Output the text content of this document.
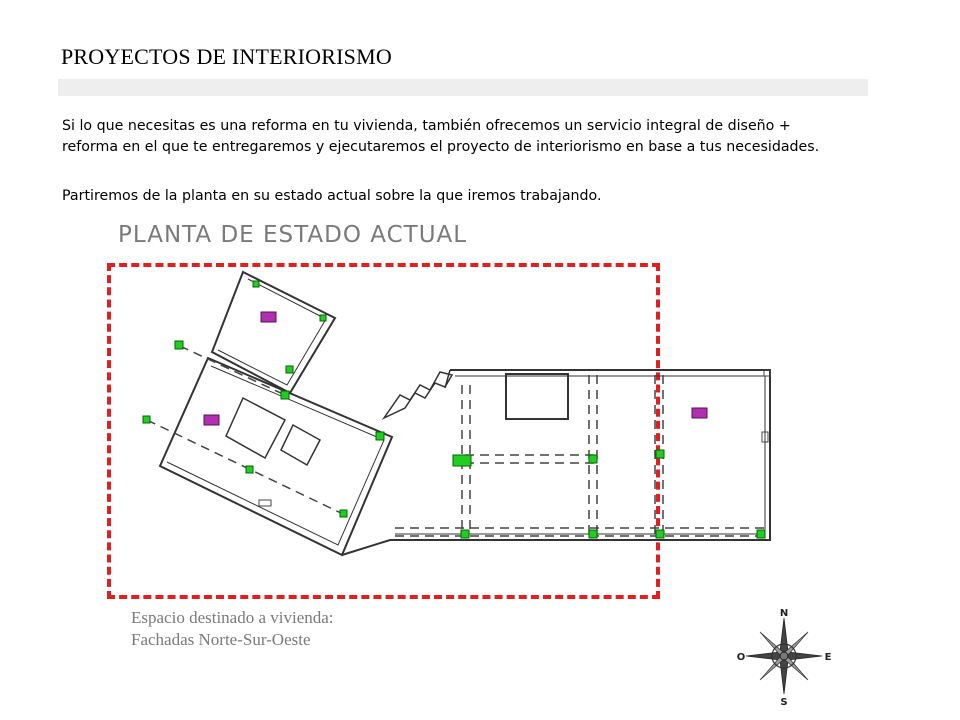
PROYECTOS DE INTERIORISMO
Si lo que necesitas es una reforma en tu vivienda, también ofrecemos un servicio integral de diseño + reforma en el que te entregaremos y ejecutaremos el proyecto de interiorismo en base a tus necesidades.
Partiremos de la planta en su estado actual sobre la que iremos trabajando.
PLANTA DE ESTADO ACTUAL
Espacio destinado a vivienda:
Fachadas Norte-Sur-Oeste
N
S
E
O
